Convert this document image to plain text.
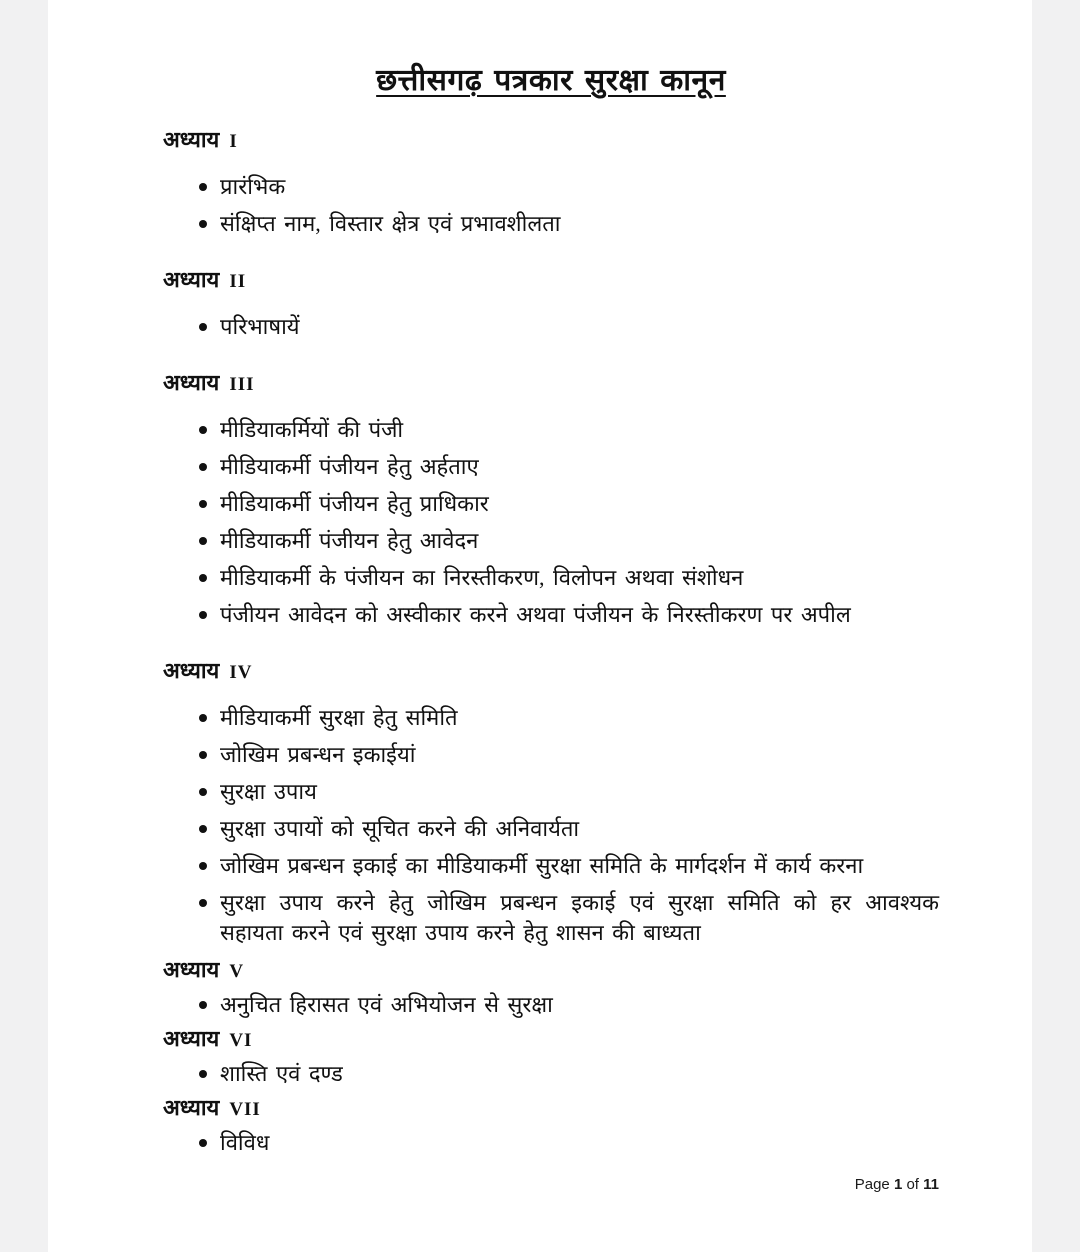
छत्तीसगढ़ पत्रकार सुरक्षा कानून
अध्याय I
प्रारंभिक
संक्षिप्त नाम, विस्तार क्षेत्र एवं प्रभावशीलता
अध्याय II
परिभाषायें
अध्याय III
मीडियाकर्मियों की पंजी
मीडियाकर्मी पंजीयन हेतु अर्हताए
मीडियाकर्मी पंजीयन हेतु प्राधिकार
मीडियाकर्मी पंजीयन हेतु आवेदन
मीडियाकर्मी के पंजीयन का निरस्तीकरण, विलोपन अथवा संशोधन
पंजीयन आवेदन को अस्वीकार करने अथवा पंजीयन के निरस्तीकरण पर अपील
अध्याय IV
मीडियाकर्मी सुरक्षा हेतु समिति
जोखिम प्रबन्धन इकाईयां
सुरक्षा उपाय
सुरक्षा उपायों को सूचित करने की अनिवार्यता
जोखिम प्रबन्धन इकाई का मीडियाकर्मी सुरक्षा समिति के मार्गदर्शन में कार्य करना
सुरक्षा उपाय करने हेतु जोखिम प्रबन्धन इकाई एवं सुरक्षा समिति को हर आवश्यक सहायता करने एवं सुरक्षा उपाय करने हेतु शासन की बाध्यता
अध्याय V
अनुचित हिरासत एवं अभियोजन से सुरक्षा
अध्याय VI
शास्ति एवं दण्ड
अध्याय VII
विविध
Page 1 of 11
